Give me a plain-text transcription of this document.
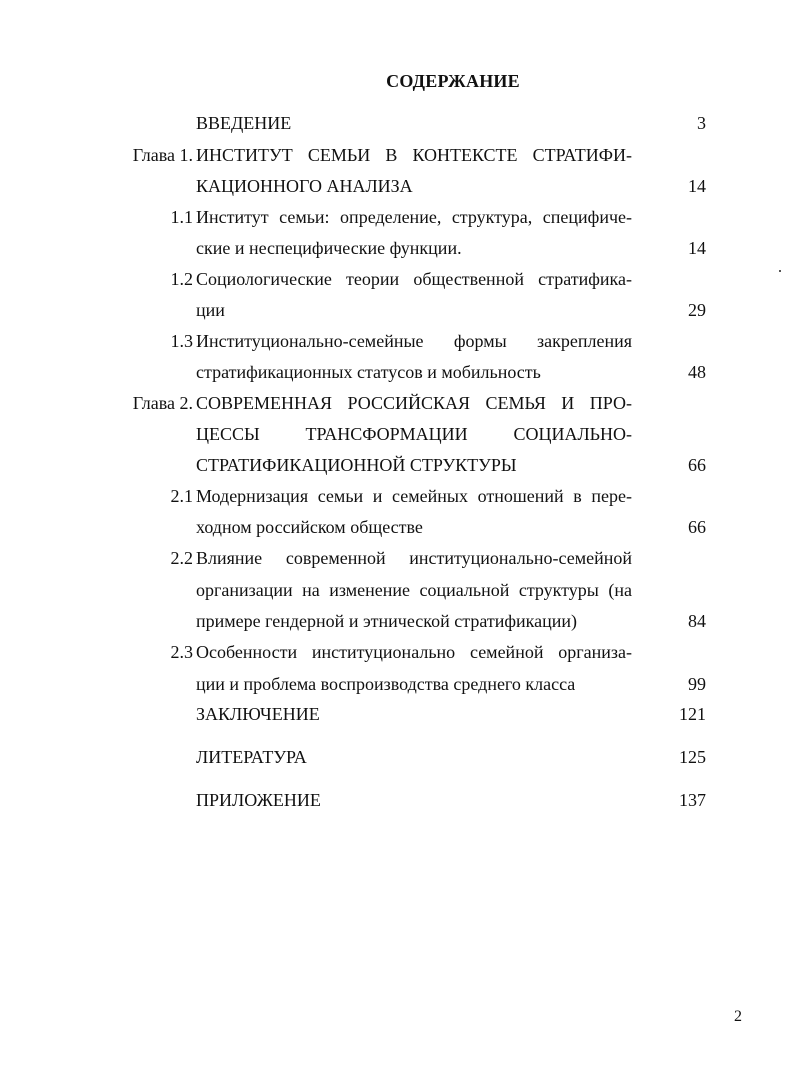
СОДЕРЖАНИЕ
ВВЕДЕНИЕ	3
Глава 1. ИНСТИТУТ СЕМЬИ В КОНТЕКСТЕ СТРАТИФИ-
КАЦИОННОГО АНАЛИЗА	14
1.1 Институт семьи: определение, структура, специфиче-
ские и неспецифические функции.	14
1.2 Социологические теории общественной стратифика-
ции	29
1.3 Институционально-семейные формы закрепления
стратификационных статусов и мобильность	48
Глава 2. СОВРЕМЕННАЯ РОССИЙСКАЯ СЕМЬЯ И ПРО-
ЦЕССЫ ТРАНСФОРМАЦИИ СОЦИАЛЬНО-
СТРАТИФИКАЦИОННОЙ СТРУКТУРЫ	66
2.1 Модернизация семьи и семейных отношений в пере-
ходном российском обществе	66
2.2 Влияние современной институционально-семейной
организации на изменение социальной структуры (на
примере гендерной и этнической стратификации)	84
2.3 Особенности институционально семейной организа-
ции и проблема воспроизводства среднего класса	99
ЗАКЛЮЧЕНИЕ	121
ЛИТЕРАТУРА	125
ПРИЛОЖЕНИЕ	137
2
